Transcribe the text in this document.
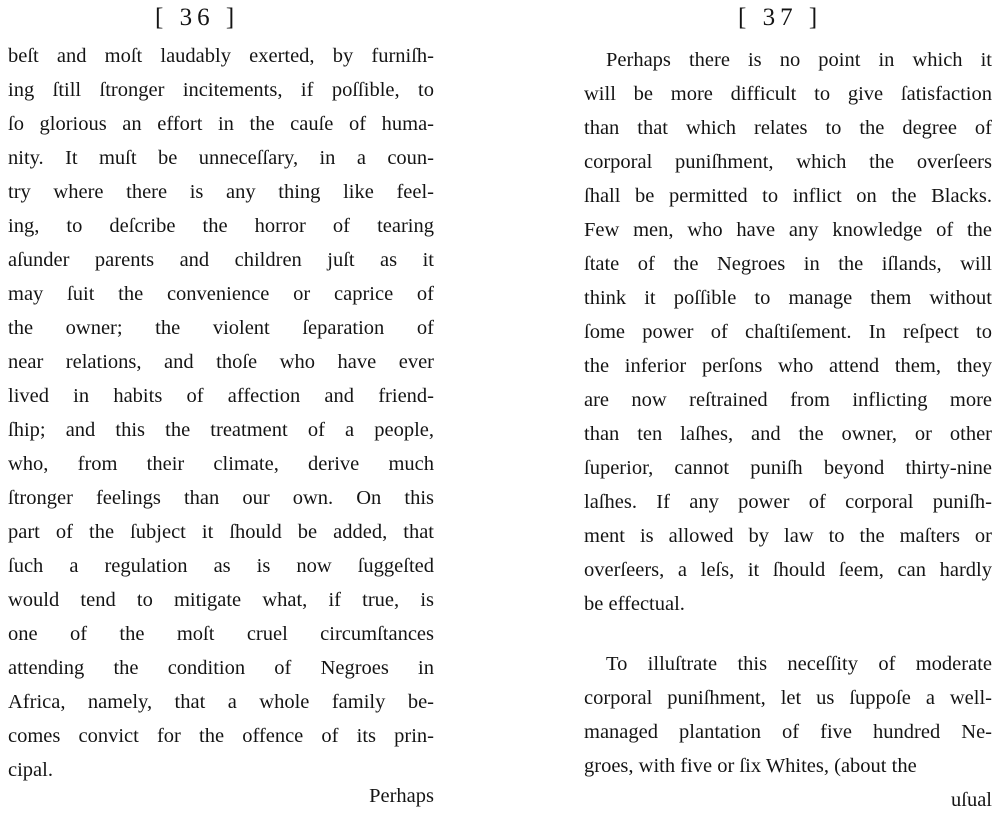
[ 36 ]
beſt and moſt laudably exerted, by furniſh-
ing ſtill ſtronger incitements, if poſſible, to
ſo glorious an effort in the cauſe of huma-
nity. It muſt be unneceſſary, in a coun-
try where there is any thing like feel-
ing, to deſcribe the horror of tearing
aſunder parents and children juſt as it
may ſuit the convenience or caprice of
the owner; the violent ſeparation of
near relations, and thoſe who have ever
lived in habits of affection and friend-
ſhip; and this the treatment of a people,
who, from their climate, derive much
ſtronger feelings than our own. On this
part of the ſubject it ſhould be added, that
ſuch a regulation as is now ſuggeſted
would tend to mitigate what, if true, is
one of the moſt cruel circumſtances
attending the condition of Negroes in
Africa, namely, that a whole family be-
comes convict for the offence of its prin-
cipal.
Perhaps
[ 37 ]
Perhaps there is no point in which it
will be more difficult to give ſatisfaction
than that which relates to the degree of
corporal puniſhment, which the overſeers
ſhall be permitted to inflict on the Blacks.
Few men, who have any knowledge of the
ſtate of the Negroes in the iſlands, will
think it poſſible to manage them without
ſome power of chaſtiſement. In reſpect to
the inferior perſons who attend them, they
are now reſtrained from inflicting more
than ten laſhes, and the owner, or other
ſuperior, cannot puniſh beyond thirty-nine
laſhes. If any power of corporal puniſh-
ment is allowed by law to the maſters or
overſeers, a leſs, it ſhould ſeem, can hardly
be effectual.
To illuſtrate this neceſſity of moderate
corporal puniſhment, let us ſuppoſe a well-
managed plantation of five hundred Ne-
groes, with five or ſix Whites, (about the
uſual
